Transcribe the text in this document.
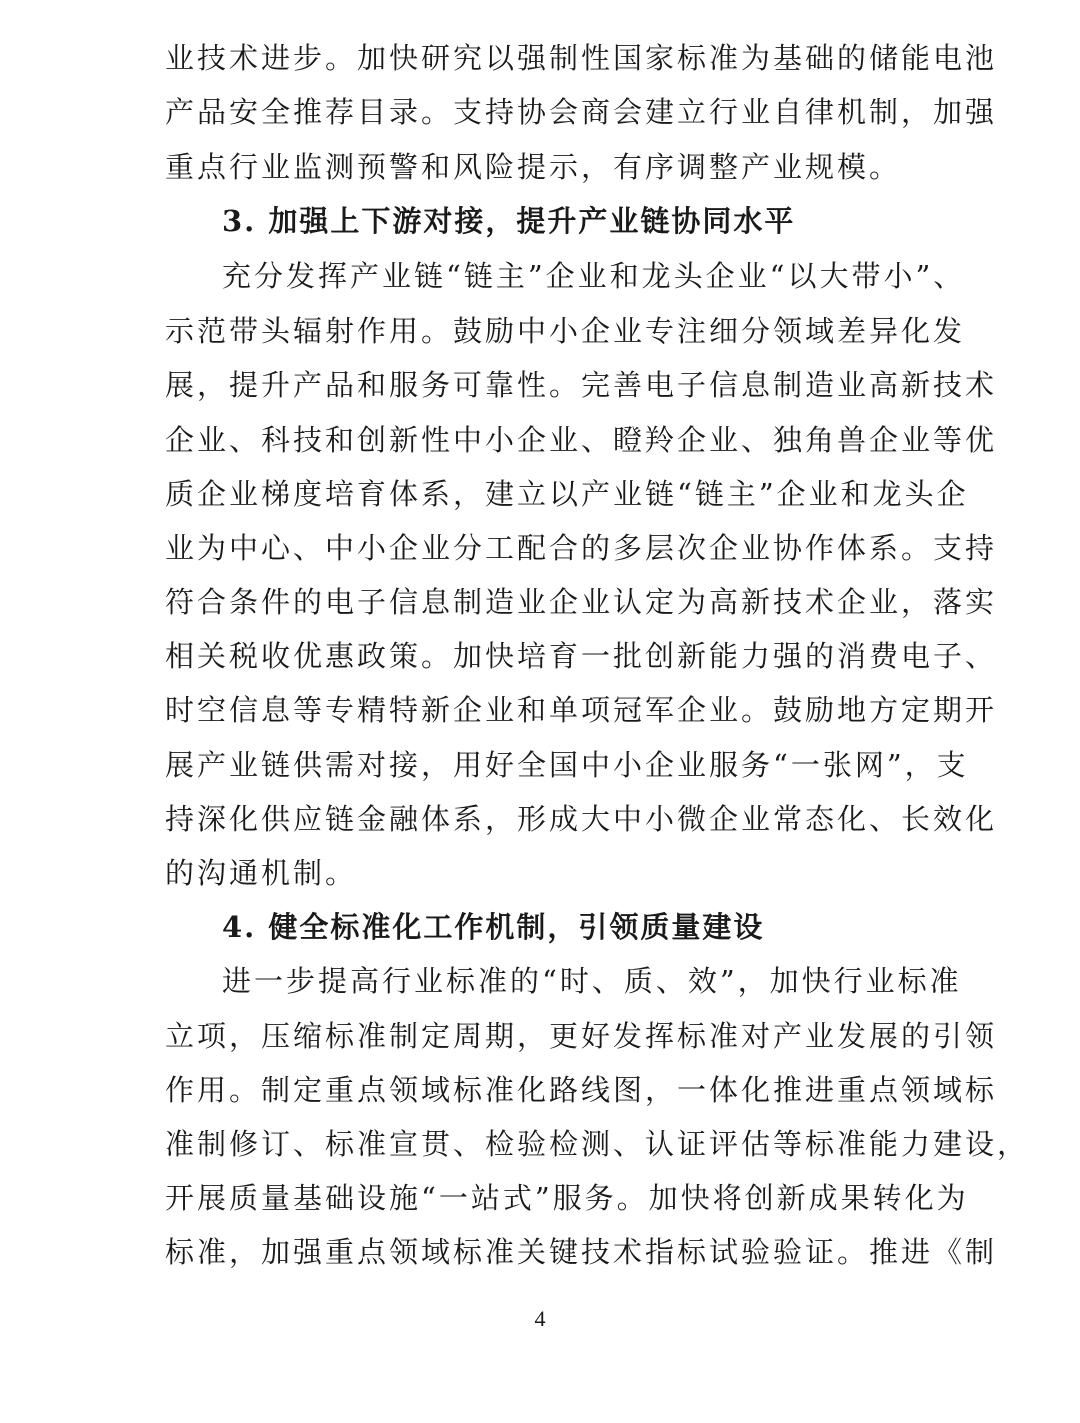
业技术进步。加快研究以强制性国家标准为基础的储能电池
产品安全推荐目录。支持协会商会建立行业自律机制，加强
重点行业监测预警和风险提示，有序调整产业规模。
3. 加强上下游对接，提升产业链协同水平
充分发挥产业链“链主”企业和龙头企业“以大带小”、
示范带头辐射作用。鼓励中小企业专注细分领域差异化发
展，提升产品和服务可靠性。完善电子信息制造业高新技术
企业、科技和创新性中小企业、瞪羚企业、独角兽企业等优
质企业梯度培育体系，建立以产业链“链主”企业和龙头企
业为中心、中小企业分工配合的多层次企业协作体系。支持
符合条件的电子信息制造业企业认定为高新技术企业，落实
相关税收优惠政策。加快培育一批创新能力强的消费电子、
时空信息等专精特新企业和单项冠军企业。鼓励地方定期开
展产业链供需对接，用好全国中小企业服务“一张网”，支
持深化供应链金融体系，形成大中小微企业常态化、长效化
的沟通机制。
4. 健全标准化工作机制，引领质量建设
进一步提高行业标准的“时、质、效”，加快行业标准
立项，压缩标准制定周期，更好发挥标准对产业发展的引领
作用。制定重点领域标准化路线图，一体化推进重点领域标
准制修订、标准宣贯、检验检测、认证评估等标准能力建设，
开展质量基础设施“一站式”服务。加快将创新成果转化为
标准，加强重点领域标准关键技术指标试验验证。推进《制
4
